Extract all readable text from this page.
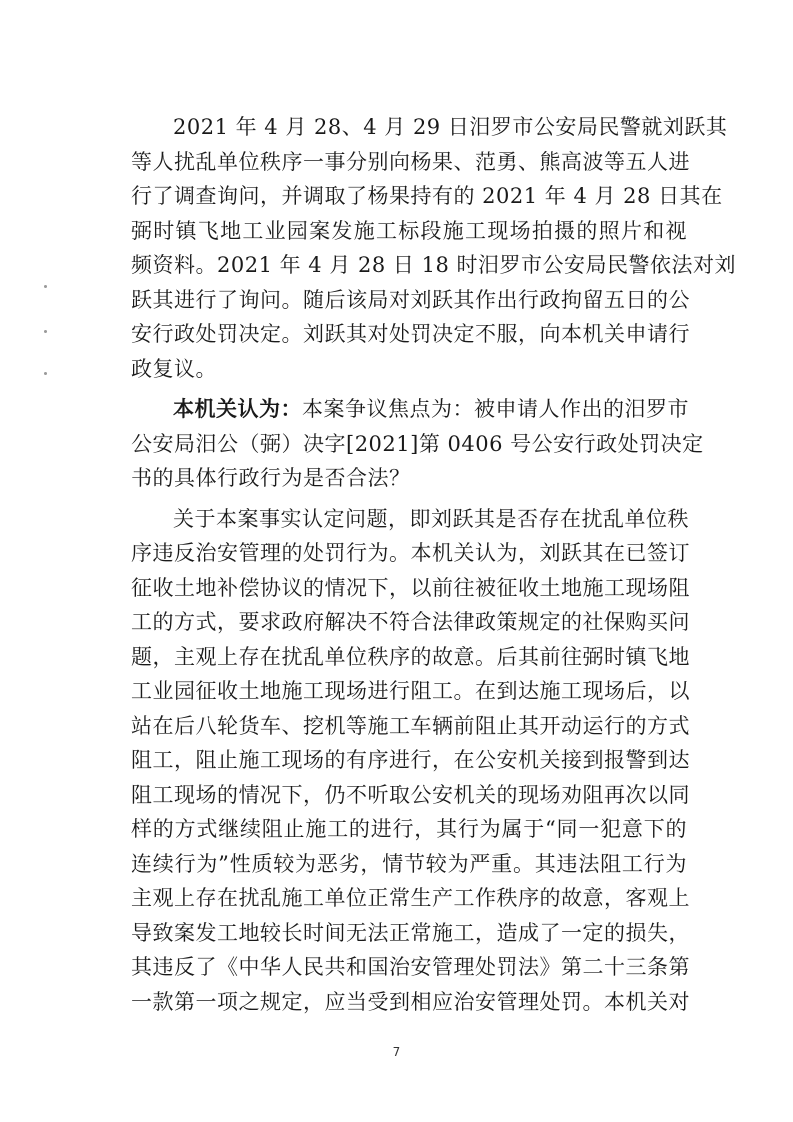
2021 年 4 月 28、4 月 29 日汨罗市公安局民警就刘跃其
等人扰乱单位秩序一事分别向杨果、范勇、熊高波等五人进
行了调查询问，并调取了杨果持有的 2021 年 4 月 28 日其在
弼时镇飞地工业园案发施工标段施工现场拍摄的照片和视
频资料。2021 年 4 月 28 日 18 时汨罗市公安局民警依法对刘
跃其进行了询问。随后该局对刘跃其作出行政拘留五日的公
安行政处罚决定。刘跃其对处罚决定不服，向本机关申请行
政复议。
本机关认为：本案争议焦点为：被申请人作出的汨罗市
公安局汨公（弼）决字[2021]第 0406 号公安行政处罚决定
书的具体行政行为是否合法？
关于本案事实认定问题，即刘跃其是否存在扰乱单位秩
序违反治安管理的处罚行为。本机关认为，刘跃其在已签订
征收土地补偿协议的情况下，以前往被征收土地施工现场阻
工的方式，要求政府解决不符合法律政策规定的社保购买问
题，主观上存在扰乱单位秩序的故意。后其前往弼时镇飞地
工业园征收土地施工现场进行阻工。在到达施工现场后，以
站在后八轮货车、挖机等施工车辆前阻止其开动运行的方式
阻工，阻止施工现场的有序进行，在公安机关接到报警到达
阻工现场的情况下，仍不听取公安机关的现场劝阻再次以同
样的方式继续阻止施工的进行，其行为属于“同一犯意下的
连续行为”性质较为恶劣，情节较为严重。其违法阻工行为
主观上存在扰乱施工单位正常生产工作秩序的故意，客观上
导致案发工地较长时间无法正常施工，造成了一定的损失，
其违反了《中华人民共和国治安管理处罚法》第二十三条第
一款第一项之规定，应当受到相应治安管理处罚。本机关对
7
